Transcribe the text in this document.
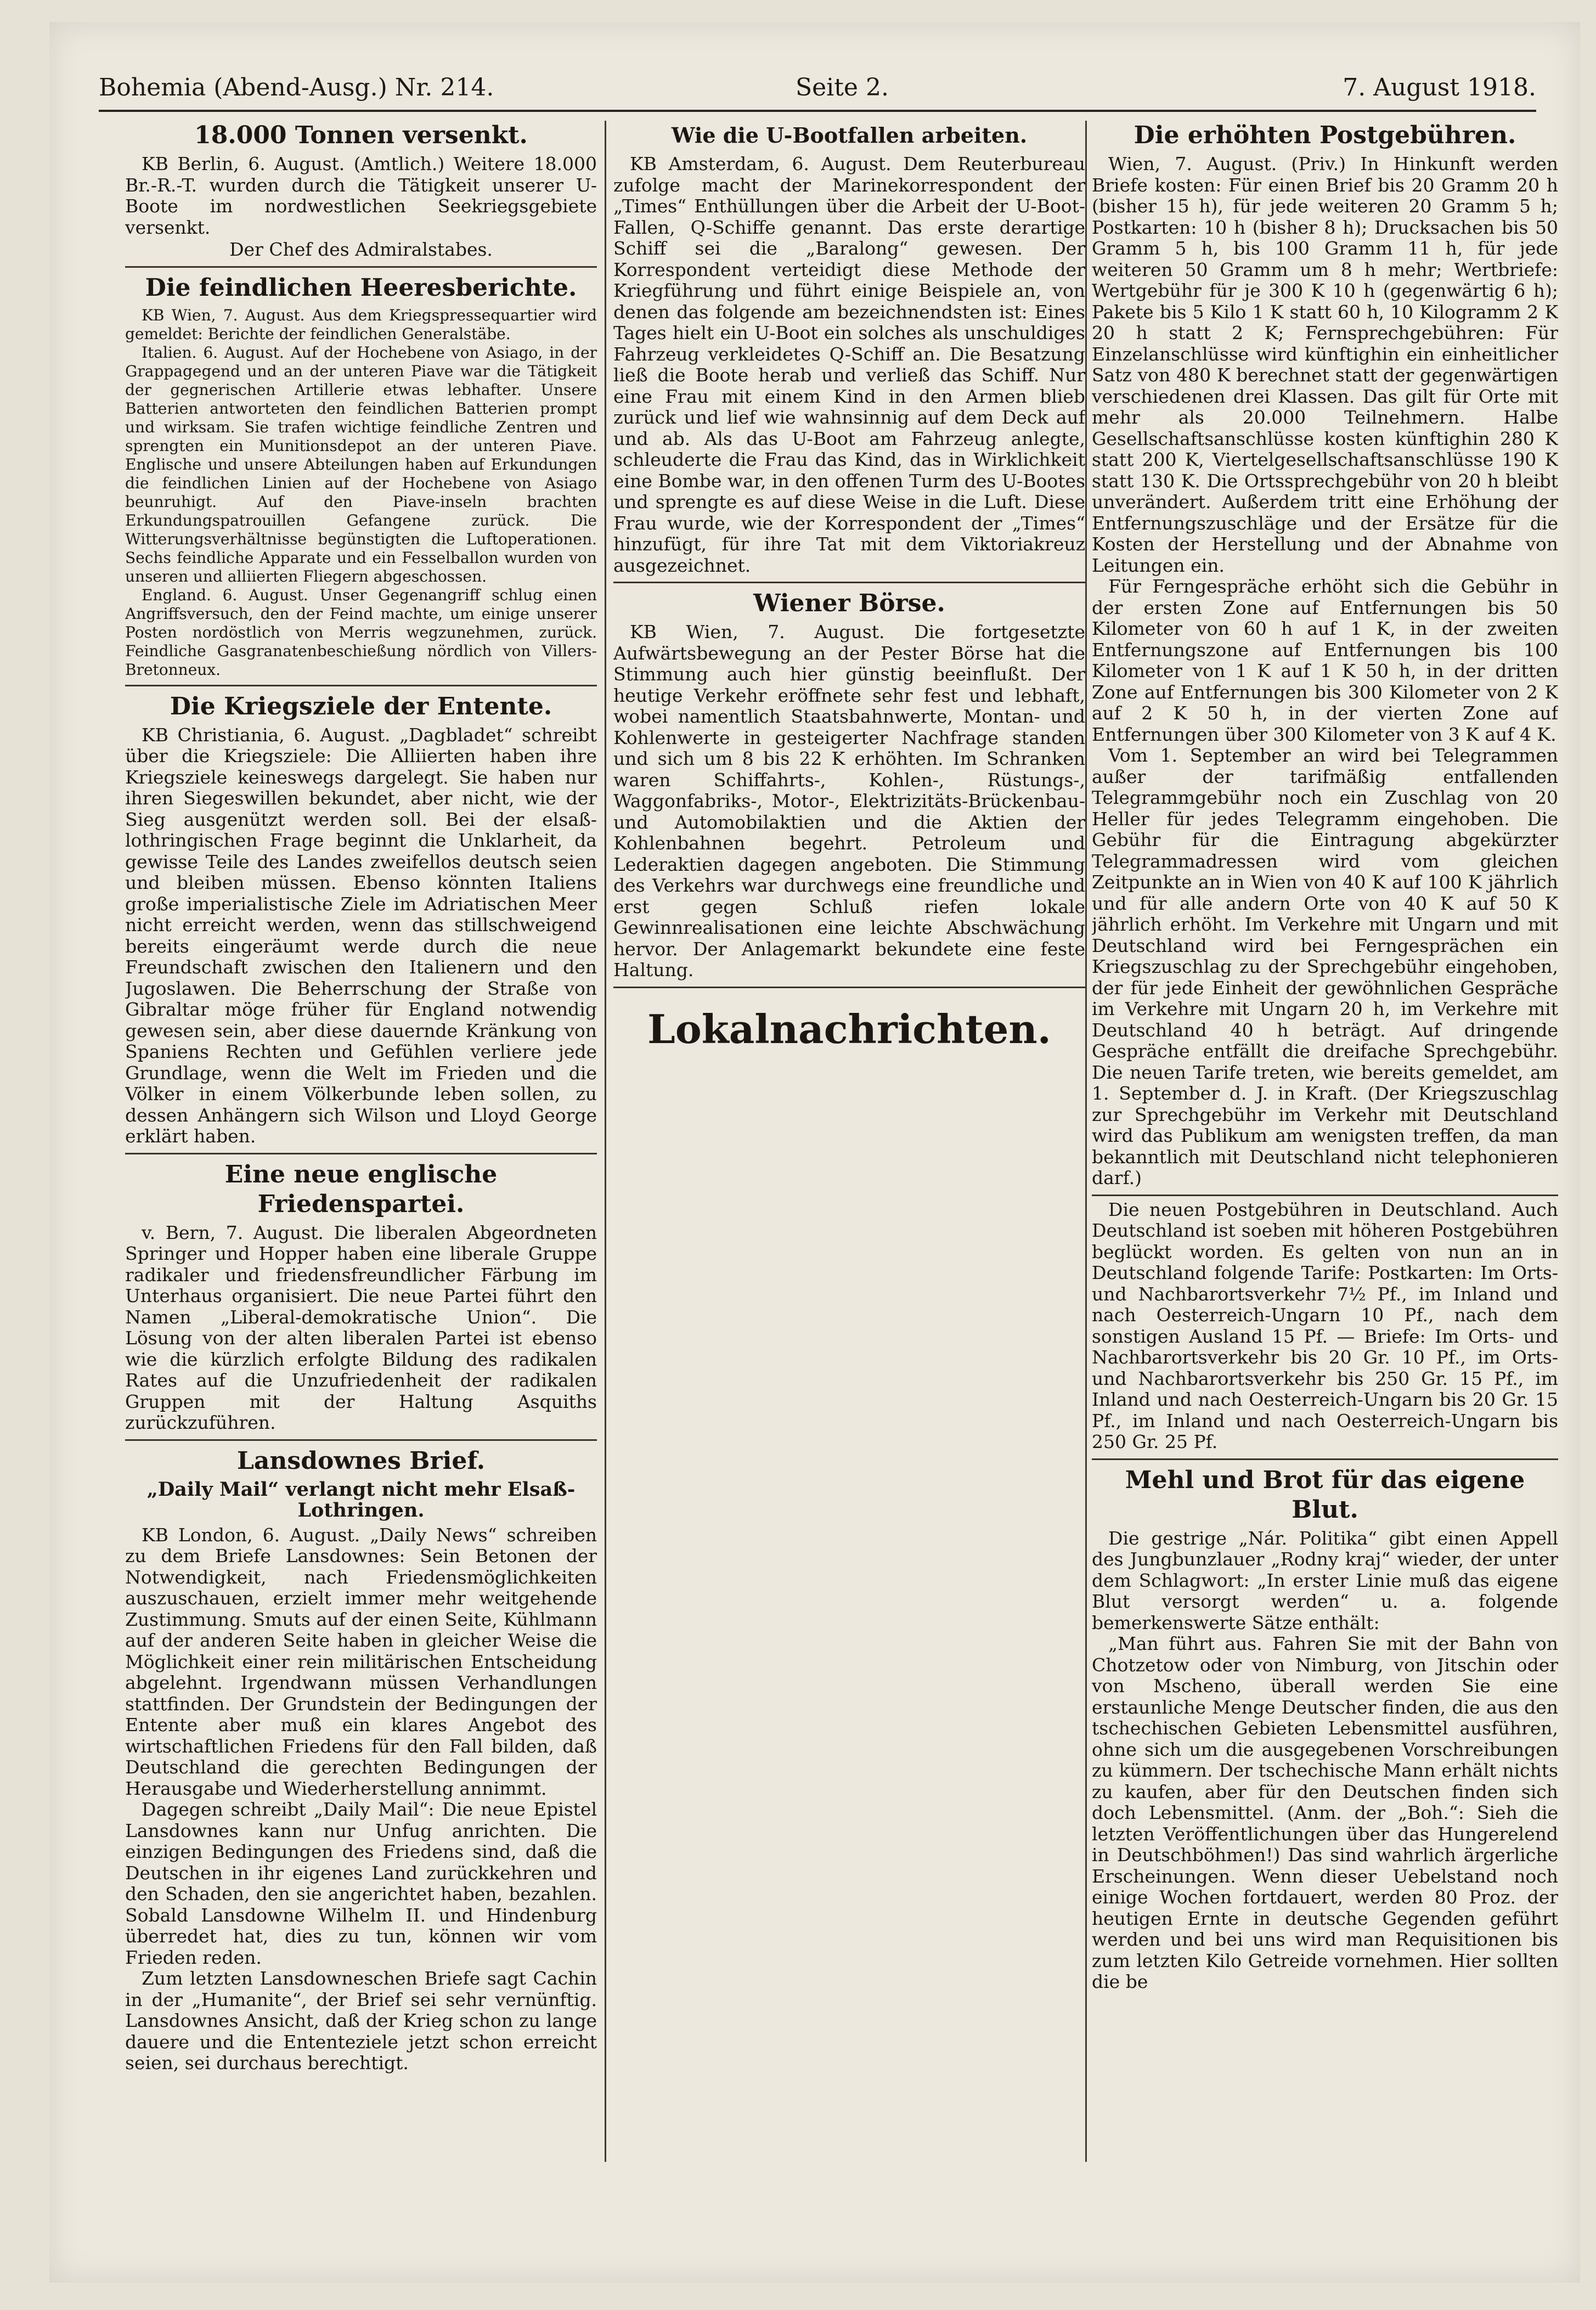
Bohemia (Abend-Ausg.) Nr. 214.	Seite 2.	7. August 1918.
18.000 Tonnen versenkt.

KB Berlin, 6. August. (Amtlich.) Weitere 18.000 Br.-R.-T. wurden durch die Tätigkeit unserer U-Boote im nordwestlichen Seekriegsgebiete versenkt.

Der Chef des Admiralstabes.
Die feindlichen Heeresberichte.

KB Wien, 7. August. Aus dem Kriegspressequartier wird gemeldet: Berichte der feindlichen Generalstäbe.

Italien. 6. August. Auf der Hochebene von Asiago, in der Grappagegend und an der unteren Piave war die Tätigkeit der gegnerischen Artillerie etwas lebhafter. Unsere Batterien antworteten den feindlichen Batterien prompt und wirksam. Sie trafen wichtige feindliche Zentren und sprengten ein Munitionsdepot an der unteren Piave. Englische und unsere Abteilungen haben auf Erkundungen die feindlichen Linien auf der Hochebene von Asiago beunruhigt. Auf den Piave-inseln brachten Erkundungspatrouillen Gefangene zurück. Die Witterungsverhältnisse begünstigten die Luftoperationen. Sechs feindliche Apparate und ein Fesselballon wurden von unseren und alliierten Fliegern abgeschossen.

England. 6. August. Unser Gegenangriff schlug einen Angriffsversuch, den der Feind machte, um einige unserer Posten nordöstlich von Merris wegzunehmen, zurück. Feindliche Gasgranatenbeschießung nördlich von Villers-Bretonneux.

Die Kriegsziele der Entente.

KB Christiania, 6. August. „Dagbladet“ schreibt über die Kriegsziele: Die Alliierten haben ihre Kriegsziele keineswegs dargelegt. Sie haben nur ihren Siegeswillen bekundet, aber nicht, wie der Sieg ausgenützt werden soll. Bei der elsaß-lothringischen Frage beginnt die Unklarheit, da gewisse Teile des Landes zweifellos deutsch seien und bleiben müssen. Ebenso könnten Italiens große imperialistische Ziele im Adriatischen Meer nicht erreicht werden, wenn das stillschweigend bereits eingeräumt werde durch die neue Freundschaft zwischen den Italienern und den Jugoslawen. Die Beherrschung der Straße von Gibraltar möge früher für England notwendig gewesen sein, aber diese dauernde Kränkung von Spaniens Rechten und Gefühlen verliere jede Grundlage, wenn die Welt im Frieden und die Völker in einem Völkerbunde leben sollen, zu dessen Anhängern sich Wilson und Lloyd George erklärt haben.

Eine neue englische Friedenspartei.

v. Bern, 7. August. Die liberalen Abgeordneten Springer und Hopper haben eine liberale Gruppe radikaler und friedensfreundlicher Färbung im Unterhaus organisiert. Die neue Partei führt den Namen „Liberal-demokratische Union“. Die Lösung von der alten liberalen Partei ist ebenso wie die kürzlich erfolgte Bildung des radikalen Rates auf die Unzufriedenheit der radikalen Gruppen mit der Haltung Asquiths zurückzuführen.

Lansdownes Brief.
„Daily Mail“ verlangt nicht mehr Elsaß-Lothringen.

KB London, 6. August. „Daily News“ schreiben zu dem Briefe Lansdownes: Sein Betonen der Notwendigkeit, nach Friedensmöglichkeiten auszuschauen, erzielt immer mehr weitgehende Zustimmung. Smuts auf der einen Seite, Kühlmann auf der anderen Seite haben in gleicher Weise die Möglichkeit einer rein militärischen Entscheidung abgelehnt. Irgendwann müssen Verhandlungen stattfinden. Der Grundstein der Bedingungen der Entente aber muß ein klares Angebot des wirtschaftlichen Friedens für den Fall bilden, daß Deutschland die gerechten Bedingungen der Herausgabe und Wiederherstellung annimmt.

Dagegen schreibt „Daily Mail“: Die neue Epistel Lansdownes kann nur Unfug anrichten. Die einzigen Bedingungen des Friedens sind, daß die Deutschen in ihr eigenes Land zurückkehren und den Schaden, den sie angerichtet haben, bezahlen. Sobald Lansdowne Wilhelm II. und Hindenburg überredet hat, dies zu tun, können wir vom Frieden reden.

Zum letzten Lansdowneschen Briefe sagt Cachin in der „Humanite“, der Brief sei sehr vernünftig. Lansdownes Ansicht, daß der Krieg schon zu lange dauere und die Ententeziele jetzt schon erreicht seien, sei durchaus berechtigt.

Wie die U-Bootfallen arbeiten.

KB Amsterdam, 6. August. Dem Reuterbureau zufolge macht der Marinekorrespondent der „Times“ Enthüllungen über die Arbeit der U-Boot-Fallen, Q-Schiffe genannt. Das erste derartige Schiff sei die „Baralong“ gewesen. Der Korrespondent verteidigt diese Methode der Kriegführung und führt einige Beispiele an, von denen das folgende am bezeichnendsten ist: Eines Tages hielt ein U-Boot ein solches als unschuldiges Fahrzeug verkleidetes Q-Schiff an. Die Besatzung ließ die Boote herab und verließ das Schiff. Nur eine Frau mit einem Kind in den Armen blieb zurück und lief wie wahnsinnig auf dem Deck auf und ab. Als das U-Boot am Fahrzeug anlegte, schleuderte die Frau das Kind, das in Wirklichkeit eine Bombe war, in den offenen Turm des U-Bootes und sprengte es auf diese Weise in die Luft. Diese Frau wurde, wie der Korrespondent der „Times“ hinzufügt, für ihre Tat mit dem Viktoriakreuz ausgezeichnet.

Wiener Börse.

KB Wien, 7. August. Die fortgesetzte Aufwärtsbewegung an der Pester Börse hat die Stimmung auch hier günstig beeinflußt. Der heutige Verkehr eröffnete sehr fest und lebhaft, wobei namentlich Staatsbahnwerte, Montan- und Kohlenwerte in gesteigerter Nachfrage standen und sich um 8 bis 22 K erhöhten. Im Schranken waren Schiffahrts-, Kohlen-, Rüstungs-, Waggonfabriks-, Motor-, Elektrizitäts-Brückenbau- und Automobilaktien und die Aktien der Kohlenbahnen begehrt. Petroleum und Lederaktien dagegen angeboten. Die Stimmung des Verkehrs war durchwegs eine freundliche und erst gegen Schluß riefen lokale Gewinnrealisationen eine leichte Abschwächung hervor. Der Anlagemarkt bekundete eine feste Haltung.

Lokalnachrichten.
Die erhöhten Postgebühren.

Wien, 7. August. (Priv.) In Hinkunft werden Briefe kosten: Für einen Brief bis 20 Gramm 20 h (bisher 15 h), für jede weiteren 20 Gramm 5 h; Postkarten: 10 h (bisher 8 h); Drucksachen bis 50 Gramm 5 h, bis 100 Gramm 11 h, für jede weiteren 50 Gramm um 8 h mehr; Wertbriefe: Wertgebühr für je 300 K 10 h (gegenwärtig 6 h); Pakete bis 5 Kilo 1 K statt 60 h, 10 Kilogramm 2 K 20 h statt 2 K; Fernsprechgebühren: Für Einzelanschlüsse wird künftighin ein einheitlicher Satz von 480 K berechnet statt der gegenwärtigen verschiedenen drei Klassen. Das gilt für Orte mit mehr als 20.000 Teilnehmern. Halbe Gesellschaftsanschlüsse kosten künftighin 280 K statt 200 K, Viertelgesellschaftsanschlüsse 190 K statt 130 K. Die Ortssprechgebühr von 20 h bleibt unverändert. Außerdem tritt eine Erhöhung der Entfernungszuschläge und der Ersätze für die Kosten der Herstellung und der Abnahme von Leitungen ein.

Für Ferngespräche erhöht sich die Gebühr in der ersten Zone auf Entfernungen bis 50 Kilometer von 60 h auf 1 K, in der zweiten Entfernungszone auf Entfernungen bis 100 Kilometer von 1 K auf 1 K 50 h, in der dritten Zone auf Entfernungen bis 300 Kilometer von 2 K auf 2 K 50 h, in der vierten Zone auf Entfernungen über 300 Kilometer von 3 K auf 4 K.

Vom 1. September an wird bei Telegrammen außer der tarifmäßig entfallenden Telegrammgebühr noch ein Zuschlag von 20 Heller für jedes Telegramm eingehoben. Die Gebühr für die Eintragung abgekürzter Telegrammadressen wird vom gleichen Zeitpunkte an in Wien von 40 K auf 100 K jährlich und für alle andern Orte von 40 K auf 50 K jährlich erhöht. Im Verkehre mit Ungarn und mit Deutschland wird bei Ferngesprächen ein Kriegszuschlag zu der Sprechgebühr eingehoben, der für jede Einheit der gewöhnlichen Gespräche im Verkehre mit Ungarn 20 h, im Verkehre mit Deutschland 40 h beträgt. Auf dringende Gespräche entfällt die dreifache Sprechgebühr. Die neuen Tarife treten, wie bereits gemeldet, am 1. September d. J. in Kraft. (Der Kriegszuschlag zur Sprechgebühr im Verkehr mit Deutschland wird das Publikum am wenigsten treffen, da man bekanntlich mit Deutschland nicht telephonieren darf.)

Die neuen Postgebühren in Deutschland. Auch Deutschland ist soeben mit höheren Postgebühren beglückt worden. Es gelten von nun an in Deutschland folgende Tarife: Postkarten: Im Orts- und Nachbarortsverkehr 7½ Pf., im Inland und nach Oesterreich-Ungarn 10 Pf., nach dem sonstigen Ausland 15 Pf. — Briefe: Im Orts- und Nachbarortsverkehr bis 20 Gr. 10 Pf., im Orts- und Nachbarortsverkehr bis 250 Gr. 15 Pf., im Inland und nach Oesterreich-Ungarn bis 20 Gr. 15 Pf., im Inland und nach Oesterreich-Ungarn bis 250 Gr. 25 Pf.

Mehl und Brot für das eigene Blut.

Die gestrige „Nár. Politika“ gibt einen Appell des Jungbunzlauer „Rodny kraj“ wieder, der unter dem Schlagwort: „In erster Linie muß das eigene Blut versorgt werden“ u. a. folgende bemerkenswerte Sätze enthält:

„Man führt aus. Fahren Sie mit der Bahn von Chotzetow oder von Nimburg, von Jitschin oder von Mscheno, überall werden Sie eine erstaunliche Menge Deutscher finden, die aus den tschechischen Gebieten Lebensmittel ausführen, ohne sich um die ausgegebenen Vorschreibungen zu kümmern. Der tschechische Mann erhält nichts zu kaufen, aber für den Deutschen finden sich doch Lebensmittel. (Anm. der „Boh.“: Sieh die letzten Veröffentlichungen über das Hungerelend in Deutschböhmen!) Das sind wahrlich ärgerliche Erscheinungen. Wenn dieser Uebelstand noch einige Wochen fortdauert, werden 80 Proz. der heutigen Ernte in deutsche Gegenden geführt werden und bei uns wird man Requisitionen bis zum letzten Kilo Getreide vornehmen. Hier sollten die be
